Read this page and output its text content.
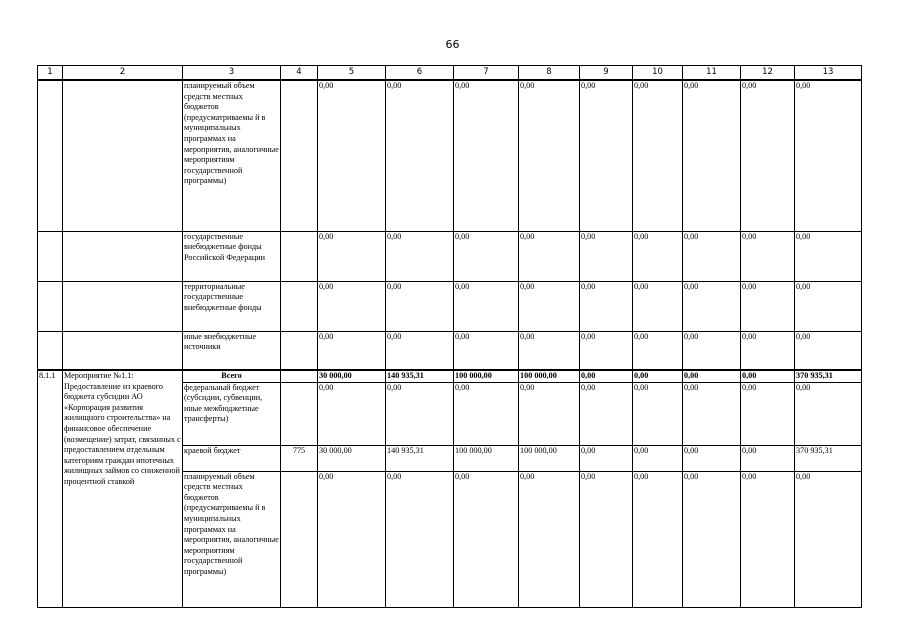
66
1	2	3	4	5	6	7	8	9	10	11	12	13
		планируемый объем средств местных бюджетов (предусматриваемы й в муниципальных программах на мероприятия, аналогичные мероприятиям государственной программы)		0,00	0,00	0,00	0,00	0,00	0,00	0,00	0,00	0,00
		государственные внебюджетные фонды Российской Федерации		0,00	0,00	0,00	0,00	0,00	0,00	0,00	0,00	0,00
		территориальные государственные внебюджетные фонды		0,00	0,00	0,00	0,00	0,00	0,00	0,00	0,00	0,00
		иные внебюджетные источники		0,00	0,00	0,00	0,00	0,00	0,00	0,00	0,00	0,00
8.1.1	Мероприятие №1.1: Предоставление из краевого бюджета субсидии АО «Корпорация развития жилищного строительства» на финансовое обеспечение (возмещение) затрат, связанных с предоставлением отдельным категориям граждан ипотечных жилищных займов со сниженной процентной ставкой	Всего		30 000,00	140 935,31	100 000,00	100 000,00	0,00	0,00	0,00	0,00	370 935,31
		федеральный бюджет (субсидии, субвенции, иные межбюджетные трансферты)		0,00	0,00	0,00	0,00	0,00	0,00	0,00	0,00	0,00
		краевой бюджет	775	30 000,00	140 935,31	100 000,00	100 000,00	0,00	0,00	0,00	0,00	370 935,31
		планируемый объем средств местных бюджетов (предусматриваемы й в муниципальных программах на мероприятия, аналогичные мероприятиям государственной программы)		0,00	0,00	0,00	0,00	0,00	0,00	0,00	0,00	0,00
